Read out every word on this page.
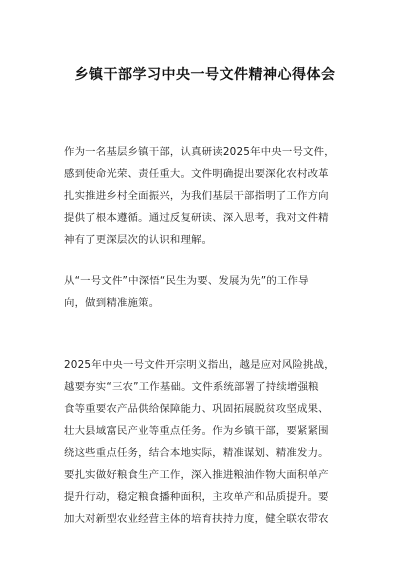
乡镇干部学习中央一号文件精神心得体会
作为一名基层乡镇干部，认真研读2025年中央一号文件，
感到使命光荣、责任重大。文件明确提出要深化农村改革
扎实推进乡村全面振兴，为我们基层干部指明了工作方向
提供了根本遵循。通过反复研读、深入思考，我对文件精
神有了更深层次的认识和理解。
从“一号文件”中深悟“民生为要、发展为先”的工作导
向，做到精准施策。
2025年中央一号文件开宗明义指出，越是应对风险挑战，
越要夯实“三农”工作基础。文件系统部署了持续增强粮
食等重要农产品供给保障能力、巩固拓展脱贫攻坚成果、
壮大县域富民产业等重点任务。作为乡镇干部，要紧紧围
绕这些重点任务，结合本地实际，精准谋划、精准发力。
要扎实做好粮食生产工作，深入推进粮油作物大面积单产
提升行动，稳定粮食播种面积，主攻单产和品质提升。要
加大对新型农业经营主体的培育扶持力度，健全联农带农
